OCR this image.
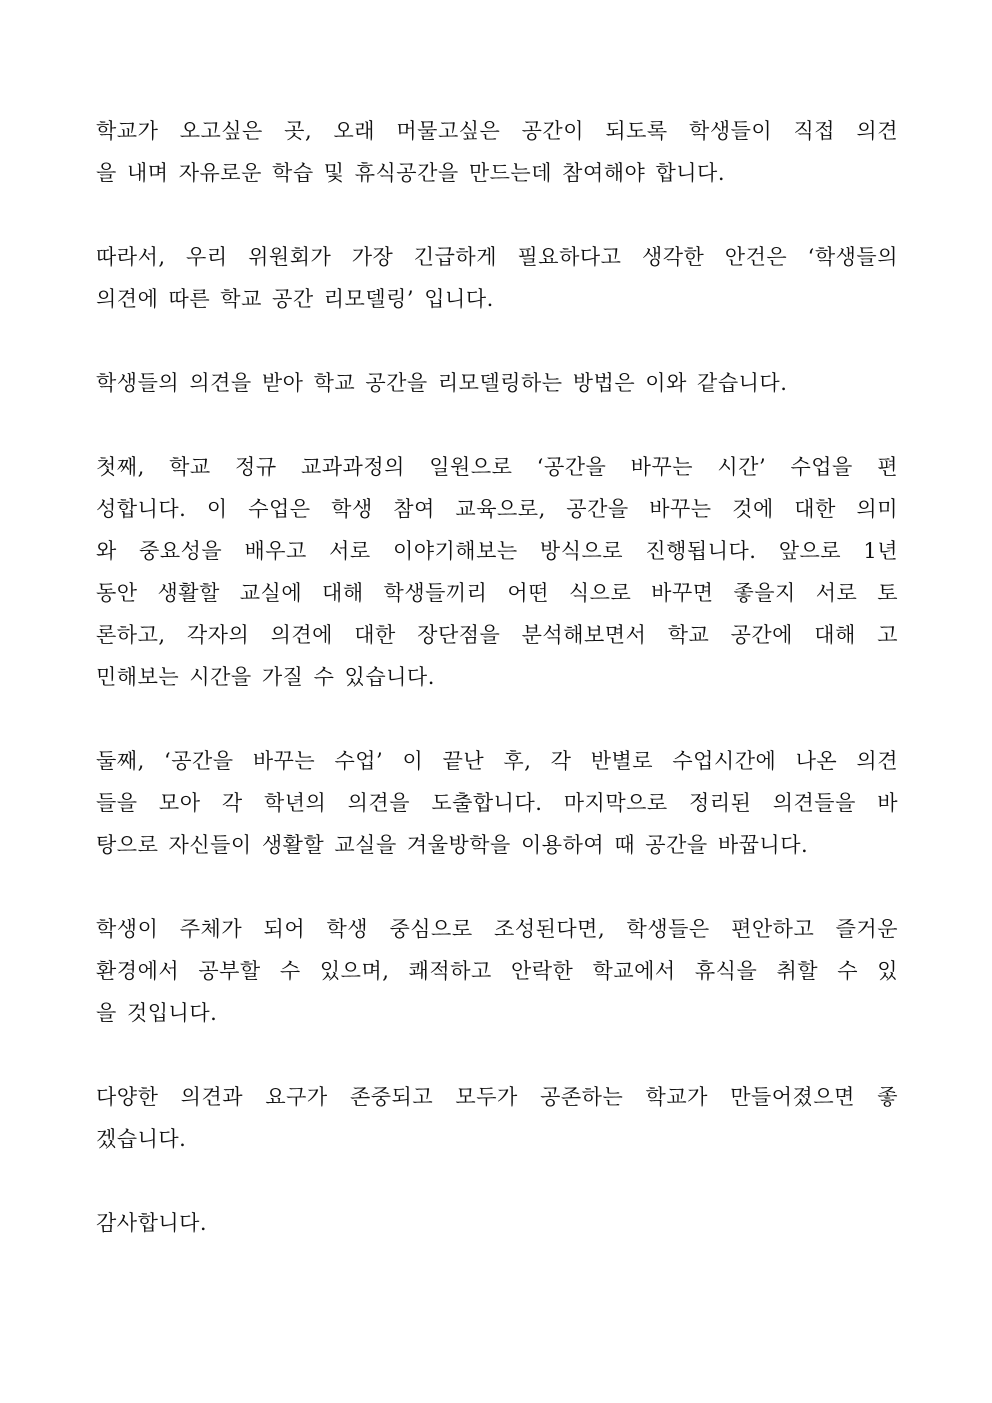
학교가 오고싶은 곳, 오래 머물고싶은 공간이 되도록 학생들이 직접 의견
을 내며 자유로운 학습 및 휴식공간을 만드는데 참여해야 합니다.

따라서, 우리 위원회가 가장 긴급하게 필요하다고 생각한 안건은 ‘학생들의
의견에 따른 학교 공간 리모델링’ 입니다.

학생들의 의견을 받아 학교 공간을 리모델링하는 방법은 이와 같습니다.

첫째, 학교 정규 교과과정의 일원으로 ‘공간을 바꾸는 시간’ 수업을 편
성합니다. 이 수업은 학생 참여 교육으로, 공간을 바꾸는 것에 대한 의미
와 중요성을 배우고 서로 이야기해보는 방식으로 진행됩니다. 앞으로 1년
동안 생활할 교실에 대해 학생들끼리 어떤 식으로 바꾸면 좋을지 서로 토
론하고, 각자의 의견에 대한 장단점을 분석해보면서 학교 공간에 대해 고
민해보는 시간을 가질 수 있습니다.

둘째, ‘공간을 바꾸는 수업’ 이 끝난 후, 각 반별로 수업시간에 나온 의견
들을 모아 각 학년의 의견을 도출합니다. 마지막으로 정리된 의견들을 바
탕으로 자신들이 생활할 교실을 겨울방학을 이용하여 때 공간을 바꿉니다.

학생이 주체가 되어 학생 중심으로 조성된다면, 학생들은 편안하고 즐거운
환경에서 공부할 수 있으며, 쾌적하고 안락한 학교에서 휴식을 취할 수 있
을 것입니다.

다양한 의견과 요구가 존중되고 모두가 공존하는 학교가 만들어졌으면 좋
겠습니다.

감사합니다.
